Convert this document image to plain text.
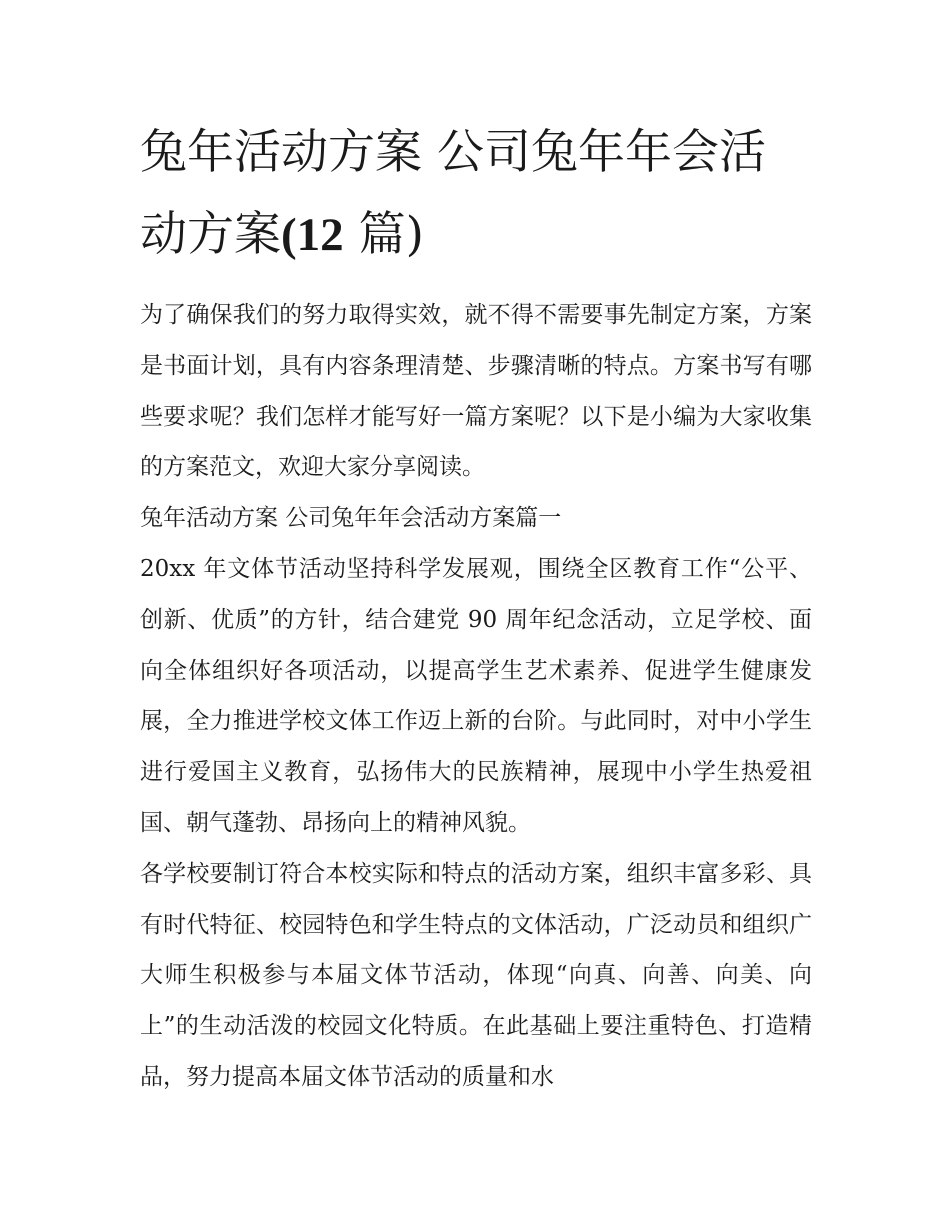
兔年活动方案 公司兔年年会活动方案(12 篇)

为了确保我们的努力取得实效，就不得不需要事先制定方案，方案是书面计划，具有内容条理清楚、步骤清晰的特点。方案书写有哪些要求呢？我们怎样才能写好一篇方案呢？以下是小编为大家收集的方案范文，欢迎大家分享阅读。

兔年活动方案 公司兔年年会活动方案篇一

20xx 年文体节活动坚持科学发展观，围绕全区教育工作“公平、创新、优质”的方针，结合建党 90 周年纪念活动，立足学校、面向全体组织好各项活动，以提高学生艺术素养、促进学生健康发展，全力推进学校文体工作迈上新的台阶。与此同时，对中小学生进行爱国主义教育，弘扬伟大的民族精神，展现中小学生热爱祖国、朝气蓬勃、昂扬向上的精神风貌。

各学校要制订符合本校实际和特点的活动方案，组织丰富多彩、具有时代特征、校园特色和学生特点的文体活动，广泛动员和组织广大师生积极参与本届文体节活动，体现“向真、向善、向美、向上”的生动活泼的校园文化特质。在此基础上要注重特色、打造精品，努力提高本届文体节活动的质量和水
